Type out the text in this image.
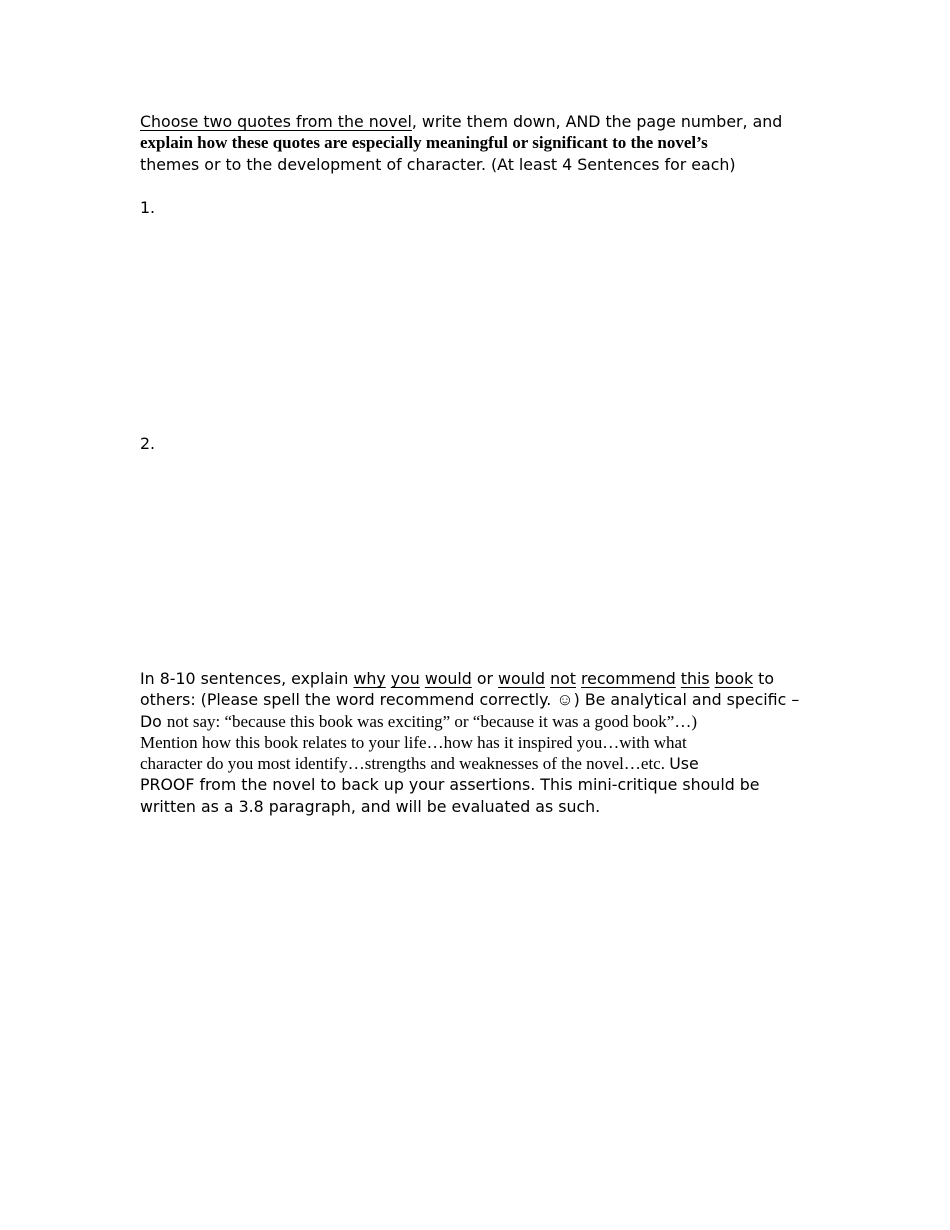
Choose two quotes from the novel, write them down, AND the page number, and
explain how these quotes are especially meaningful or significant to the novel’s
themes or to the development of character. (At least 4 Sentences for each)
1.
2.
In 8-10 sentences, explain why you would or would not recommend this book to
others: (Please spell the word recommend correctly. ☺) Be analytical and specific –
Do not say: “because this book was exciting” or “because it was a good book”…)
Mention how this book relates to your life…how has it inspired you…with what
character do you most identify…strengths and weaknesses of the novel…etc. Use
PROOF from the novel to back up your assertions. This mini-critique should be
written as a 3.8 paragraph, and will be evaluated as such.
